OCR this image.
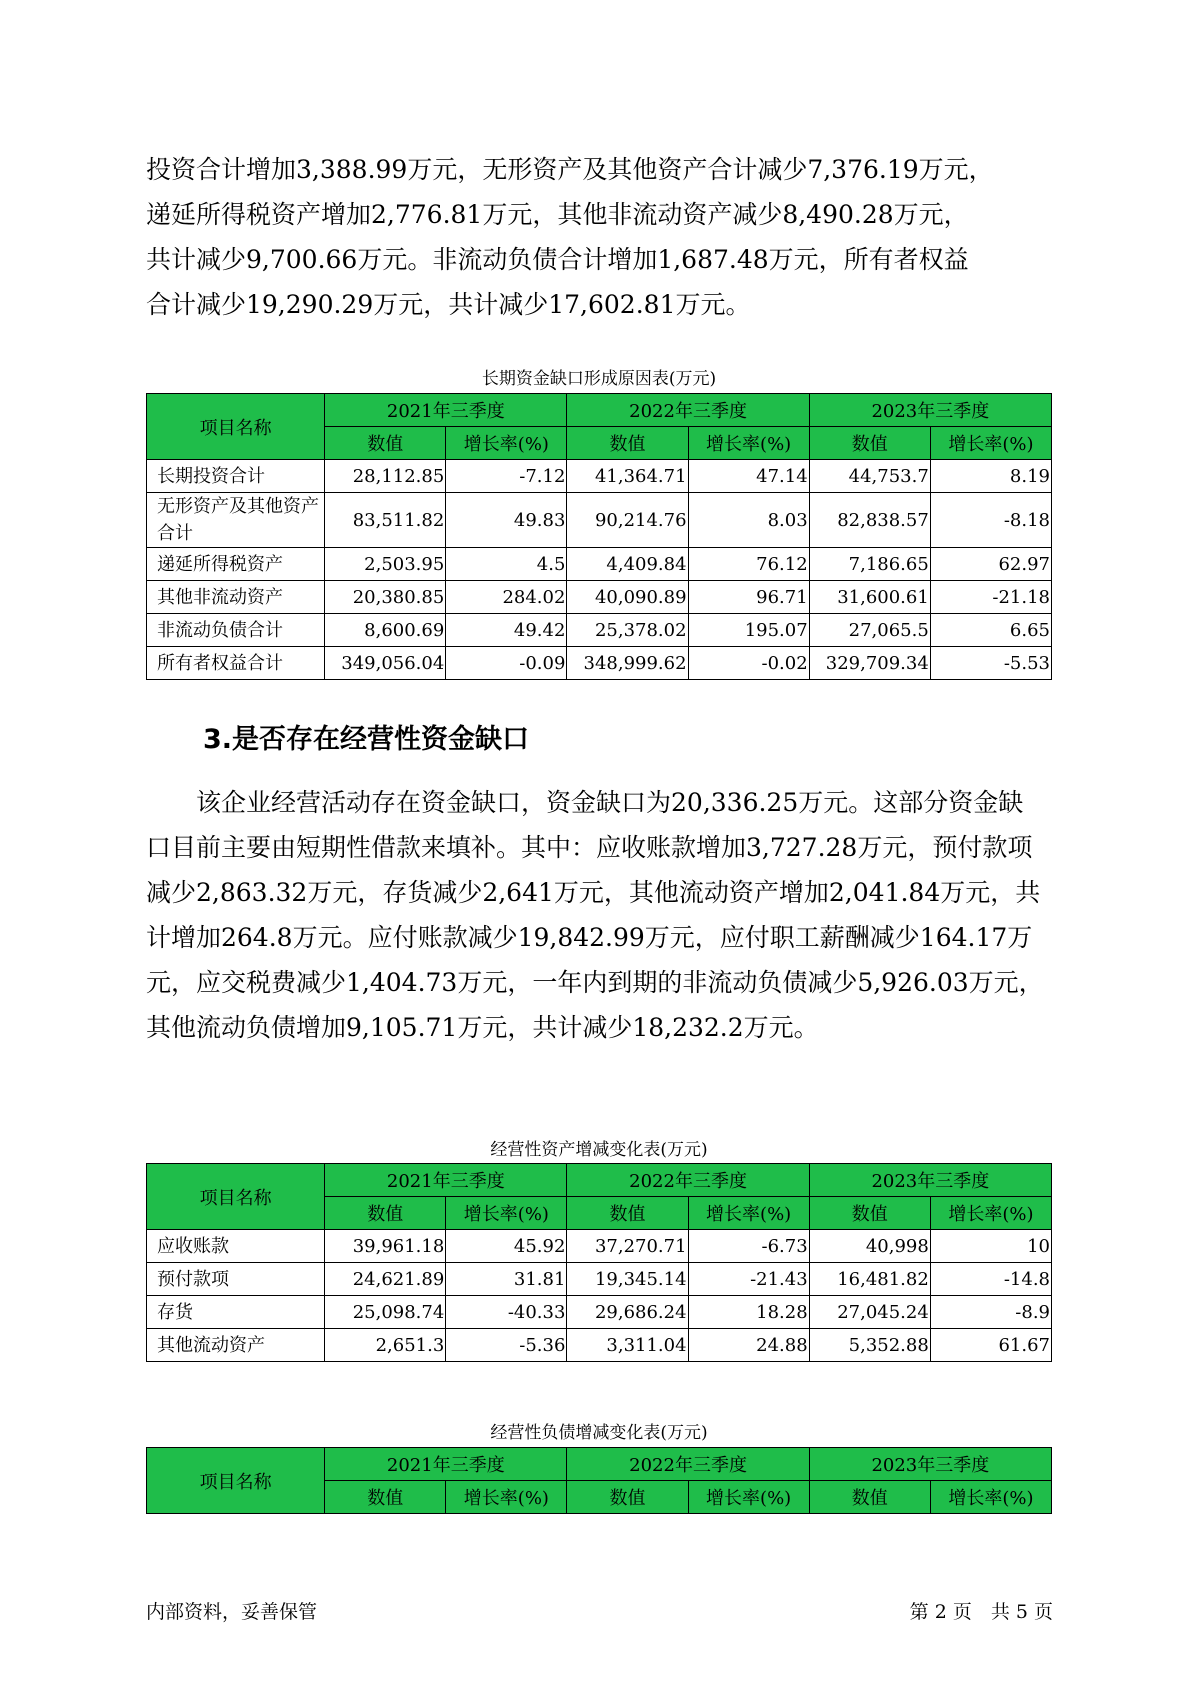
投资合计增加3,388.99万元，无形资产及其他资产合计减少7,376.19万元，

递延所得税资产增加2,776.81万元，其他非流动资产减少8,490.28万元，

共计减少9,700.66万元。非流动负债合计增加1,687.48万元，所有者权益

合计减少19,290.29万元，共计减少17,602.81万元。

长期资金缺口形成原因表(万元)
项目名称	2021年三季度		2022年三季度		2023年三季度	
	数值	增长率(%)	数值	增长率(%)	数值	增长率(%)
长期投资合计	28,112.85	-7.12	41,364.71	47.14	44,753.7	8.19
无形资产及其他资产合计	83,511.82	49.83	90,214.76	8.03	82,838.57	-8.18
递延所得税资产	2,503.95	4.5	4,409.84	76.12	7,186.65	62.97
其他非流动资产	20,380.85	284.02	40,090.89	96.71	31,600.61	-21.18
非流动负债合计	8,600.69	49.42	25,378.02	195.07	27,065.5	6.65
所有者权益合计	349,056.04	-0.09	348,999.62	-0.02	329,709.34	-5.53
3.是否存在经营性资金缺口
该企业经营活动存在资金缺口，资金缺口为20,336.25万元。这部分资金缺口目前主要由短期性借款来填补。其中：应收账款增加3,727.28万元，预付款项减少2,863.32万元，存货减少2,641万元，其他流动资产增加2,041.84万元，共计增加264.8万元。应付账款减少19,842.99万元，应付职工薪酬减少164.17万元，应交税费减少1,404.73万元，一年内到期的非流动负债减少5,926.03万元，其他流动负债增加9,105.71万元，共计减少18,232.2万元。
经营性资产增减变化表(万元)
项目名称	2021年三季度		2022年三季度		2023年三季度	
	数值	增长率(%)	数值	增长率(%)	数值	增长率(%)
应收账款	39,961.18	45.92	37,270.71	-6.73	40,998	10
预付款项	24,621.89	31.81	19,345.14	-21.43	16,481.82	-14.8
存货	25,098.74	-40.33	29,686.24	18.28	27,045.24	-8.9
其他流动资产	2,651.3	-5.36	3,311.04	24.88	5,352.88	61.67
经营性负债增减变化表(万元)
项目名称	2021年三季度		2022年三季度		2023年三季度	
	数值	增长率(%)	数值	增长率(%)	数值	增长率(%)
内部资料，妥善保管	第 2 页　共 5 页
